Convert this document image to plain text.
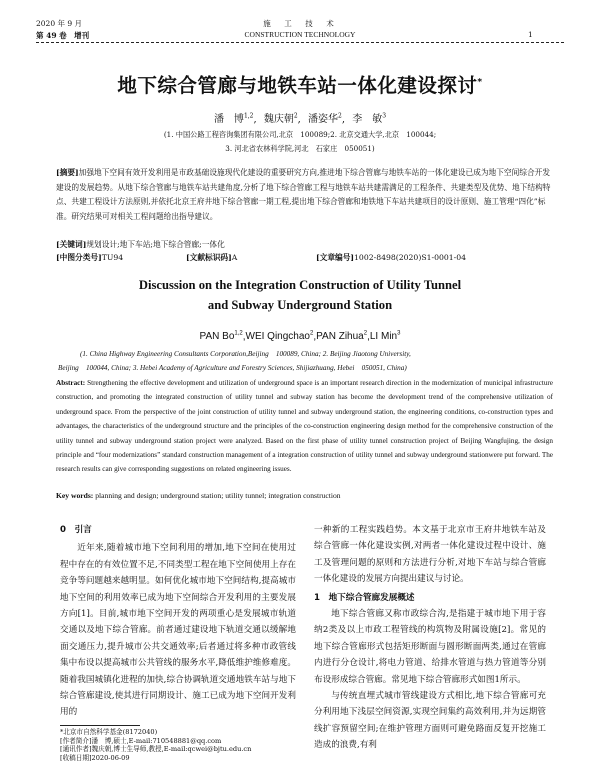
2020 年 9 月
第 49 卷　增刊
施　工　技　术
CONSTRUCTION TECHNOLOGY	1
地下综合管廊与地铁车站一体化建设探讨*
潘　博$^{1,2}$, 魏庆朝$^2$, 潘姿华$^2$, 李　敏$^3$
(1. 中国公路工程咨询集团有限公司,北京　100089;2. 北京交通大学,北京　100044;
3. 河北省农林科学院,河北　石家庄　050051)
[摘要]加强地下空间有效开发利用是市政基础设施现代化建设的重要研究方向,推进地下综合管廊与地铁车站的一体化建设已成为地下空间综合开发建设的发展趋势。从地下综合管廊与地铁车站共建角度,分析了地下综合管廊工程与地铁车站共建需满足的工程条件、共建类型及优势、地下结构特点、共建工程设计方法原则,并依托北京王府井地下综合管廊一期工程,提出地下综合管廊和地铁地下车站共建项目的设计原则、施工管理“四化”标准。研究结果可对相关工程问题给出指导建议。
[关键词]规划设计;地下车站;地下综合管廊;一体化
[中图分类号]TU94	[文献标识码]A	[文章编号]1002-8498(2020)S1-0001-04
Discussion on the Integration Construction of Utility Tunnel
and Subway Underground Station
PAN Bo$^{1,2}$,WEI Qingchao$^2$,PAN Zihua$^2$,LI Min$^3$
(1. China Highway Engineering Consultants Corporation,Beijing　100089, China; 2. Beijing Jiaotong University,
Beijing　100044, China; 3. Hebei Academy of Agriculture and Forestry Sciences, Shijiazhuang, Hebei　050051, China)
Abstract: Strengthening the effective development and utilization of underground space is an important research direction in the modernization of municipal infrastructure construction, and promoting the integrated construction of utility tunnel and subway station has become the development trend of the comprehensive utilization of underground space. From the perspective of the joint construction of utility tunnel and subway underground station, the engineering conditions, co-construction types and advantages, the characteristics of the underground structure and the principles of the co-construction engineering design method for the comprehensive construction of the utility tunnel and subway underground station project were analyzed. Based on the first phase of utility tunnel construction project of Beijing Wangfujing, the design principle and “four modernizations” standard construction management of a integration construction of utility tunnel and subway underground stationwere put forward. The research results can give corresponding suggestions on related engineering issues.
Key words: planning and design; underground station; utility tunnel; integration construction
0　引言
近年来,随着城市地下空间利用的增加,地下空间在使用过程中存在的有效位置不足,不同类型工程在地下空间使用上存在竞争等问题越来越明显。如何优化城市地下空间结构,提高城市地下空间的利用效率已成为地下空间综合开发利用的主要发展方向[1]。目前,城市地下空间开发的两项重心是发展城市轨道交通以及地下综合管廊。前者通过建设地下轨道交通以缓解地面交通压力,提升城市公共交通效率;后者通过将多种市政管线集中布设以提高城市公共管线的服务水平,降低维护维修难度。随着我国城镇化进程的加快,综合协调轨道交通地铁车站与地下综合管廊建设,使其进行同期设计、施工已成为地下空间开发利用的
一种新的工程实践趋势。本文基于北京市王府井地铁车站及综合管廊一体化建设实例,对两者一体化建设过程中设计、施工及管理问题的原则和方法进行分析,对地下车站与综合管廊一体化建设的发展方向提出建议与讨论。
1　地下综合管廊发展概述
地下综合管廊又称市政综合沟,是指建于城市地下用于容纳2类及以上市政工程管线的构筑物及附属设施[2]。常见的地下综合管廊形式包括矩形断面与圆形断面两类,通过在管廊内进行分仓设计,将电力管道、给排水管道与热力管道等分别布设形成综合管廊。常见地下综合管廊形式如图1所示。
与传统直埋式城市管线建设方式相比,地下综合管廊可充分利用地下浅层空间资源,实现空间集约高效利用,并为远期管线扩容预留空间;在维护管理方面则可避免路面反复开挖施工造成的浪费,有利
*北京市自然科学基金(8172040)
[作者简介]潘　博,硕士,E-mail:710548881@qq.com
[通讯作者]魏庆朝,博士生导师,教授,E-mail:qcwei@bjtu.edu.cn
[收稿日期]2020-06-09
